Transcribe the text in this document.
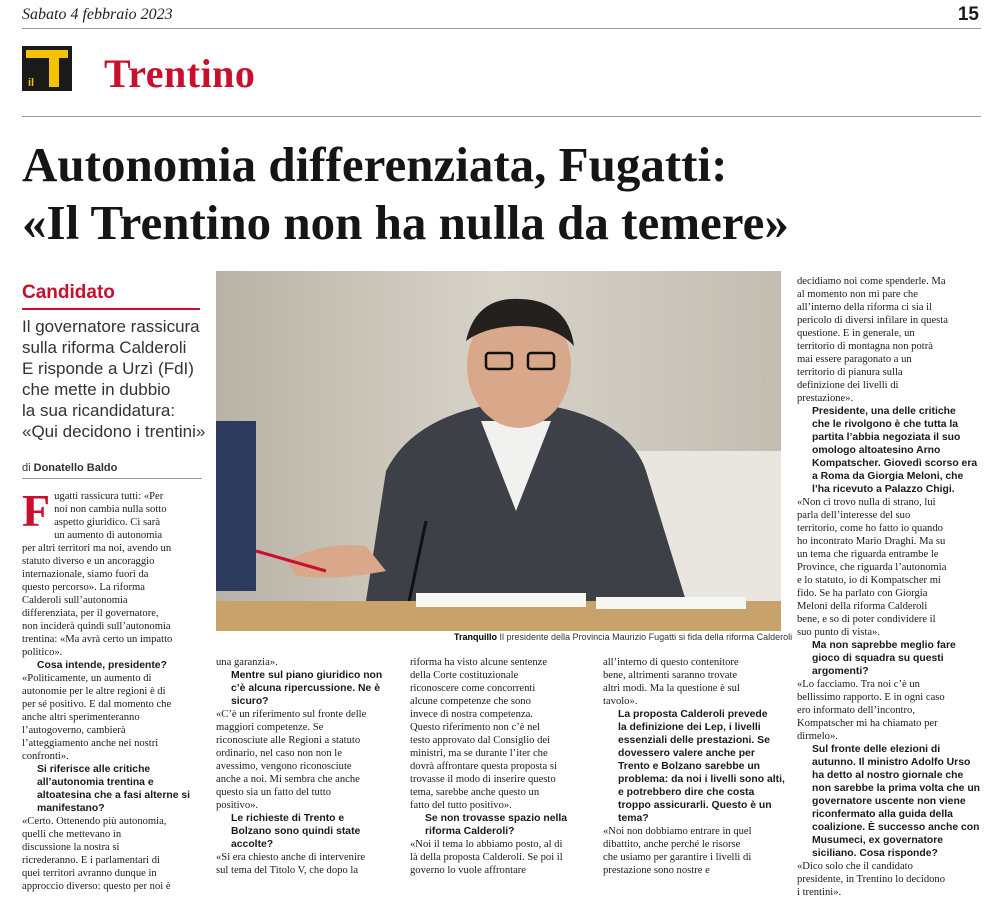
Sabato 4 febbraio 2023	15
il Trentino
Autonomia differenziata, Fugatti:
«Il Trentino non ha nulla da temere»
Candidato
Il governatore rassicura
sulla riforma Calderoli
E risponde a Urzì (FdI)
che mette in dubbio
la sua ricandidatura:
«Qui decidono i trentini»
di Donatello Baldo
Tranquillo Il presidente della Provincia Maurizio Fugatti si fida della riforma Calderoli

F ugatti rassicura tutti: «Per
noi non cambia nulla sotto
aspetto giuridico. Ci sarà
un aumento di autonomia
per altri territori ma noi, avendo un
statuto diverso e un ancoraggio
internazionale, siamo fuori da
questo percorso». La riforma
Calderoli sull’autonomia
differenziata, per il governatore,
non inciderà quindi sull’autonomia
trentina: «Ma avrà certo un impatto
politico».

Cosa intende, presidente?

«Politicamente, un aumento di
autonomie per le altre regioni è di
per sé positivo. E dal momento che
anche altri sperimenteranno
l’autogoverno, cambierà
l’atteggiamento anche nei nostri
confronti».

Si riferisce alle critiche
all’autonomia trentina e
altoatesina che a fasi alterne si
manifestano?

«Certo. Ottenendo più autonomia,
quelli che mettevano in
discussione la nostra si
ricrederanno. E i parlamentari di
quei territori avranno dunque in
approccio diverso: questo per noi è

una garanzia».

Mentre sul piano giuridico non
c’è alcuna ripercussione. Ne è
sicuro?

«C’è un riferimento sul fronte delle
maggiori competenze. Se
riconosciute alle Regioni a statuto
ordinario, nel caso non non le
avessimo, vengono riconosciute
anche a noi. Mi sembra che anche
questo sia un fatto del tutto
positivo».

Le richieste di Trento e
Bolzano sono quindi state
accolte?

«Si era chiesto anche di intervenire
sul tema del Titolo V, che dopo la

riforma ha visto alcune sentenze
della Corte costituzionale
riconoscere come concorrenti
alcune competenze che sono
invece di nostra competenza.
Questo riferimento non c’è nel
testo approvato dal Consiglio dei
ministri, ma se durante l’iter che
dovrà affrontare questa proposta si
trovasse il modo di inserire questo
tema, sarebbe anche questo un
fatto del tutto positivo».

Se non trovasse spazio nella
riforma Calderoli?

«Noi il tema lo abbiamo posto, al di
là della proposta Calderoli. Se poi il
governo lo vuole affrontare

all’interno di questo contenitore
bene, altrimenti saranno trovate
altri modi. Ma la questione è sul
tavolo».

La proposta Calderoli prevede
la definizione dei Lep, i livelli
essenziali delle prestazioni. Se
dovessero valere anche per
Trento e Bolzano sarebbe un
problema: da noi i livelli sono alti,
e potrebbero dire che costa
troppo assicurarli. Questo è un
tema?

«Noi non dobbiamo entrare in quel
dibattito, anche perché le risorse
che usiamo per garantire i livelli di
prestazione sono nostre e

decidiamo noi come spenderle. Ma
al momento non mi pare che
all’interno della riforma ci sia il
pericolo di diversi infilare in questa
questione. E in generale, un
territorio di montagna non potrà
mai essere paragonato a un
territorio di pianura sulla
definizione dei livelli di
prestazione».

Presidente, una delle critiche
che le rivolgono è che tutta la
partita l’abbia negoziata il suo
omologo altoatesino Arno
Kompatscher. Giovedì scorso era
a Roma da Giorgia Meloni, che
l’ha ricevuto a Palazzo Chigi.

«Non ci trovo nulla di strano, lui
parla dell’interesse del suo
territorio, come ho fatto io quando
ho incontrato Mario Draghi. Ma su
un tema che riguarda entrambe le
Province, che riguarda l’autonomia
e lo statuto, io di Kompatscher mi
fido. Se ha parlato con Giorgia
Meloni della riforma Calderoli
bene, e so di poter condividere il
suo punto di vista».

Ma non saprebbe meglio fare
gioco di squadra su questi
argomenti?

«Lo facciamo. Tra noi c’è un
bellissimo rapporto. E in ogni caso
ero informato dell’incontro,
Kompatscher mi ha chiamato per
dirmelo».

Sul fronte delle elezioni di
autunno. Il ministro Adolfo Urso
ha detto al nostro giornale che
non sarebbe la prima volta che un
governatore uscente non viene
riconfermato alla guida della
coalizione. È successo anche con
Musumeci, ex governatore
siciliano. Cosa risponde?

«Dico solo che il candidato
presidente, in Trentino lo decidono
i trentini».
